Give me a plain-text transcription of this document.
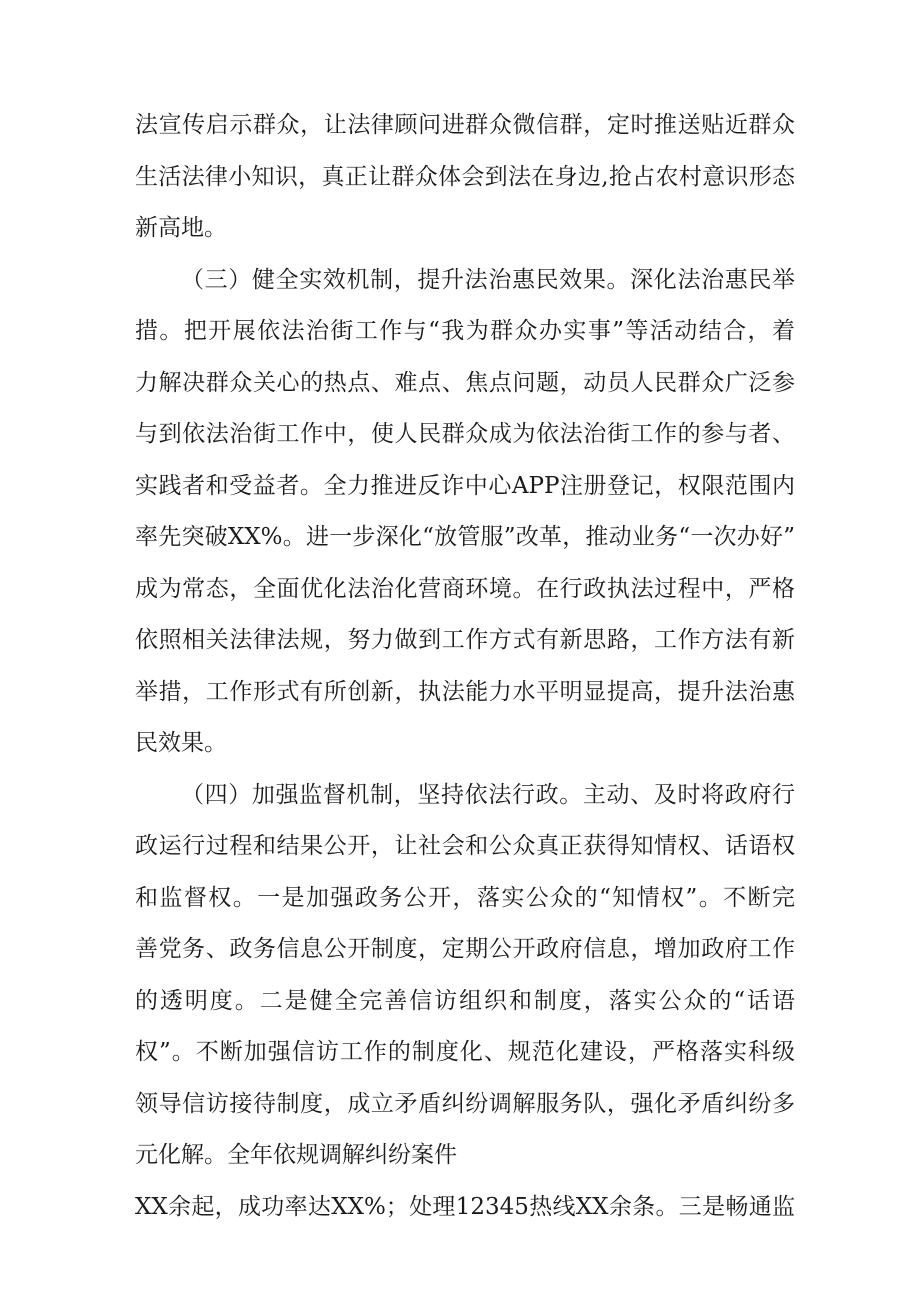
法宣传启示群众，让法律顾问进群众微信群，定时推送贴近群众
生活法律小知识，真正让群众体会到法在身边,抢占农村意识形态
新高地。
（三）健全实效机制，提升法治惠民效果。深化法治惠民举
措。把开展依法治街工作与“我为群众办实事”等活动结合，着
力解决群众关心的热点、难点、焦点问题，动员人民群众广泛参
与到依法治街工作中，使人民群众成为依法治街工作的参与者、
实践者和受益者。全力推进反诈中心APP注册登记，权限范围内
率先突破XX%。进一步深化“放管服”改革，推动业务“一次办好”
成为常态，全面优化法治化营商环境。在行政执法过程中，严格
依照相关法律法规，努力做到工作方式有新思路，工作方法有新
举措，工作形式有所创新，执法能力水平明显提高，提升法治惠
民效果。
（四）加强监督机制，坚持依法行政。主动、及时将政府行
政运行过程和结果公开，让社会和公众真正获得知情权、话语权
和监督权。一是加强政务公开，落实公众的“知情权”。不断完
善党务、政务信息公开制度，定期公开政府信息，增加政府工作
的透明度。二是健全完善信访组织和制度，落实公众的“话语
权”。不断加强信访工作的制度化、规范化建设，严格落实科级
领导信访接待制度，成立矛盾纠纷调解服务队，强化矛盾纠纷多
元化解。全年依规调解纠纷案件
XX余起，成功率达XX%；处理12345热线XX余条。三是畅通监
